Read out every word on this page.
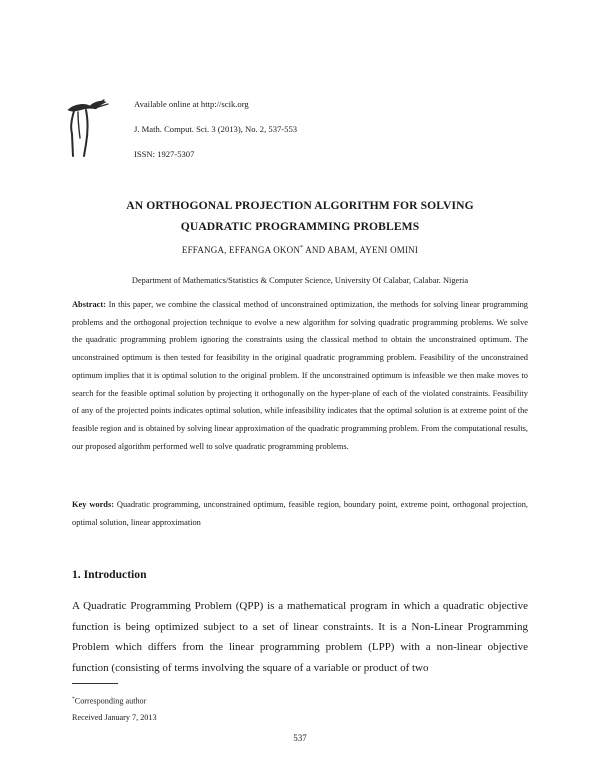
Available online at http://scik.org
J. Math. Comput. Sci. 3 (2013), No. 2, 537-553
ISSN: 1927-5307
AN ORTHOGONAL PROJECTION ALGORITHM FOR SOLVING
QUADRATIC PROGRAMMING PROBLEMS
EFFANGA, EFFANGA OKON* AND ABAM, AYENI OMINI
Department of Mathematics/Statistics & Computer Science, University Of Calabar, Calabar. Nigeria
Abstract: In this paper, we combine the classical method of unconstrained optimization, the methods for solving linear programming problems and the orthogonal projection technique to evolve a new algorithm for solving quadratic programming problems. We solve the quadratic programming problem ignoring the constraints using the classical method to obtain the unconstrained optimum. The unconstrained optimum is then tested for feasibility in the original quadratic programming problem. Feasibility of the unconstrained optimum implies that it is optimal solution to the original problem. If the unconstrained optimum is infeasible we then make moves to search for the feasible optimal solution by projecting it orthogonally on the hyper-plane of each of the violated constraints. Feasibility of any of the projected points indicates optimal solution, while infeasibility indicates that the optimal solution is at extreme point of the feasible region and is obtained by solving linear approximation of the quadratic programming problem. From the computational results, our proposed algorithm performed well to solve quadratic programming problems.
Key words: Quadratic programming, unconstrained optimum, feasible region, boundary point, extreme point, orthogonal projection, optimal solution, linear approximation
1. Introduction
A Quadratic Programming Problem (QPP) is a mathematical program in which a quadratic objective function is being optimized subject to a set of linear constraints. It is a Non-Linear Programming Problem which differs from the linear programming problem (LPP) with a non-linear objective function (consisting of terms involving the square of a variable or product of two
*Corresponding author
Received January 7, 2013
537
